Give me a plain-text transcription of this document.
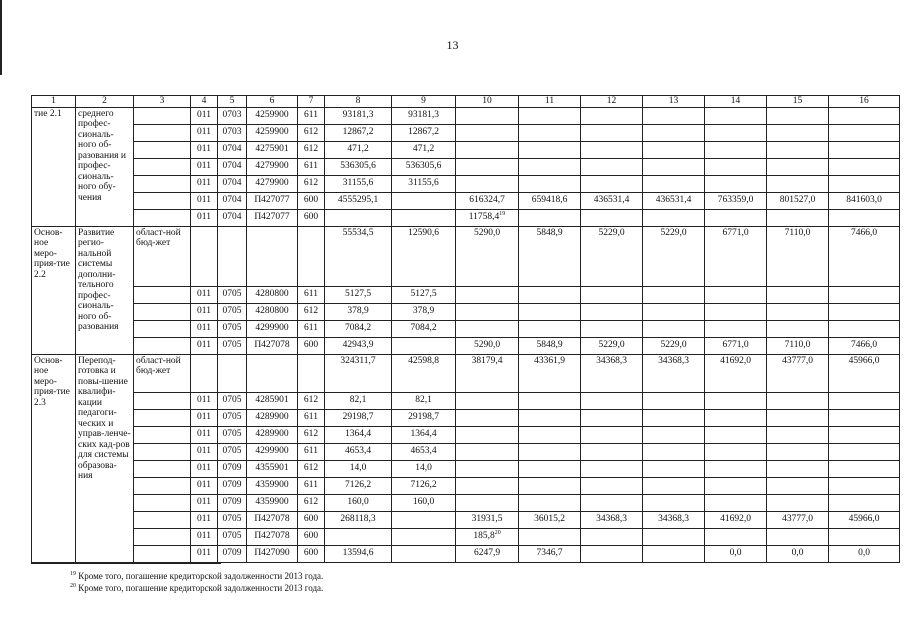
13
1	2	3	4	5	6	7	8	9	10	11	12	13	14	15	16
тие 2.1	среднего профес-сиональ-ного об-разования и профес-сиональ-ного обу-чения		011	0703	4259900	611	93181,3	93181,3							
			011	0703	4259900	612	12867,2	12867,2							
			011	0704	4275901	612	471,2	471,2							
			011	0704	4279900	611	536305,6	536305,6							
			011	0704	4279900	612	31155,6	31155,6							
			011	0704	П427077	600	4555295,1		616324,7	659418,6	436531,4	436531,4	763359,0	801527,0	841603,0
			011	0704	П427077	600			11758,4$^{19}$						
Основ-ное меро-прия-тие 2.2	Развитие регио-нальной системы дополни-тельного профес-сиональ-ного об-разования	област-ной бюд-жет					55534,5	12590,6	5290,0	5848,9	5229,0	5229,0	6771,0	7110,0	7466,0
			011	0705	4280800	611	5127,5	5127,5							
			011	0705	4280800	612	378,9	378,9							
			011	0705	4299900	611	7084,2	7084,2							
			011	0705	П427078	600	42943,9		5290,0	5848,9	5229,0	5229,0	6771,0	7110,0	7466,0
Основ-ное меро-прия-тие 2.3	Перепод-готовка и повы-шение квалифи-кации педагоги-ческих и управ-ленче-ских кад-ров для системы образова-ния	област-ной бюд-жет					324311,7	42598,8	38179,4	43361,9	34368,3	34368,3	41692,0	43777,0	45966,0
			011	0705	4285901	612	82,1	82,1							
			011	0705	4289900	611	29198,7	29198,7							
			011	0705	4289900	612	1364,4	1364,4							
			011	0705	4299900	611	4653,4	4653,4							
			011	0709	4355901	612	14,0	14,0							
			011	0709	4359900	611	7126,2	7126,2							
			011	0709	4359900	612	160,0	160,0							
			011	0705	П427078	600	268118,3		31931,5	36015,2	34368,3	34368,3	41692,0	43777,0	45966,0
			011	0705	П427078	600			185,8$^{20}$						
			011	0709	П427090	600	13594,6		6247,9	7346,7			0,0	0,0	0,0
$^{19}$ Кроме того, погашение кредиторской задолженности 2013 года.
$^{20}$ Кроме того, погашение кредиторской задолженности 2013 года.
